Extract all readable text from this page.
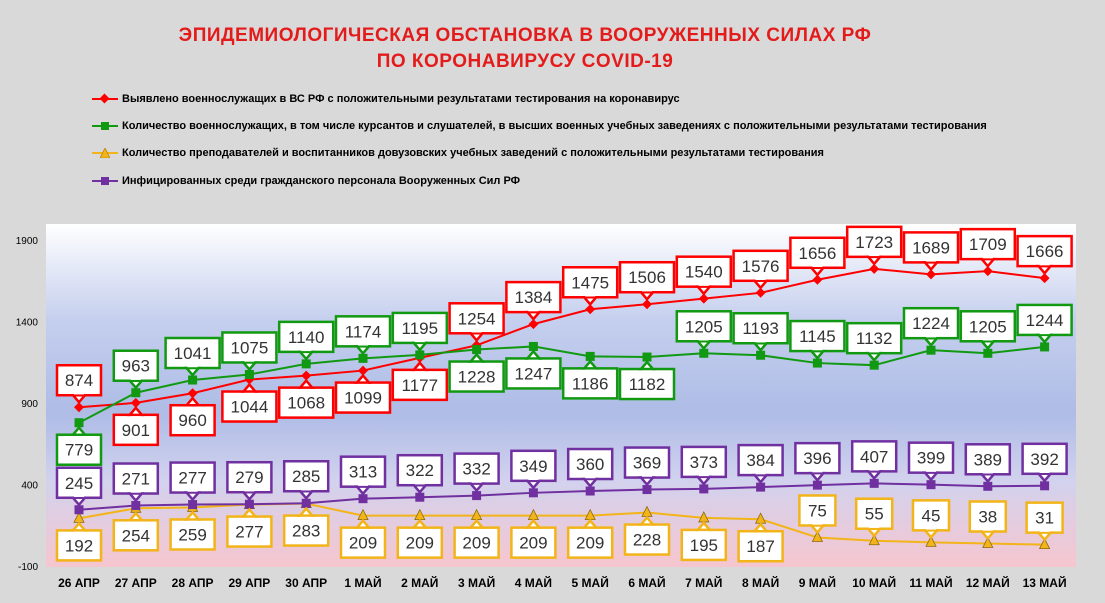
ЭПИДЕМИОЛОГИЧЕСКАЯ ОБСТАНОВКА В ВООРУЖЕННЫХ СИЛАХ РФ
ПО КОРОНАВИРУСУ COVID-19
Выявлено военнослужащих в ВС РФ с положительными результатами тестирования на коронавирус
Количество военнослужащих, в том числе курсантов и слушателей, в высших военных учебных заведениях с положительными результатами тестирования
Количество преподавателей и воспитанников довузовских учебных заведений с положительными результатами тестирования
Инфицированных среди гражданского персонала Вооруженных Сил РФ
-100
400
900
1400
1900
874
901
960
1044 1068 1099
1177
1254
1384
1475 1506 1540 1576
1656
1723 1689 1709 1666
779
963
1041 1075
1140 1174 1195
1228 1247
1186 1182
1205 1193 1145 1132
1224 1205 1244
192
254 259 277 283
209 209 209 209 209 228 195 187
75 55 45 38 31
245 271 277 279 285 313 322 332 349 360 369 373 384 396 407 399 389 392
26 АПР 27 АПР 28 АПР 29 АПР 30 АПР 1 МАЙ 2 МАЙ 3 МАЙ 4 МАЙ 5 МАЙ 6 МАЙ 7 МАЙ 8 МАЙ 9 МАЙ 10 МАЙ 11 МАЙ 12 МАЙ 13 МАЙ
